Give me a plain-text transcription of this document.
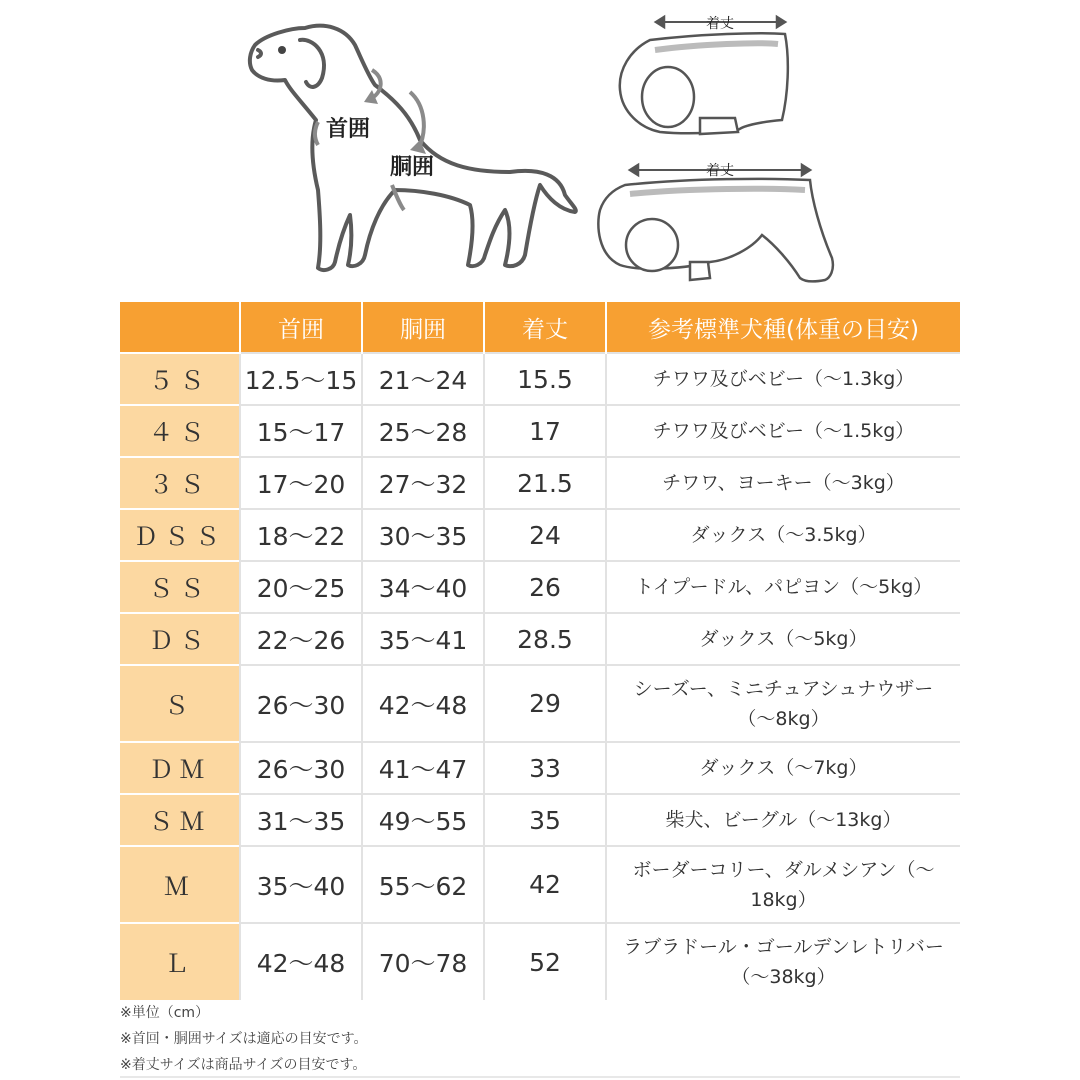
首囲
胴囲
着丈
着丈
	首囲	胴囲	着丈	参考標準犬種(体重の目安)
５Ｓ	12.5～15	21～24	15.5	チワワ及びベビー（～1.3kg）

４Ｓ	15～17	25～28	17	チワワ及びベビー（～1.5kg）

３Ｓ	17～20	27～32	21.5	チワワ、ヨーキー（～3kg）

ＤＳＳ	18～22	30～35	24	ダックス（～3.5kg）

ＳＳ	20～25	34～40	26	トイプードル、パピヨン（～5kg）

ＤＳ	22～26	35～41	28.5	ダックス（～5kg）

Ｓ	26～30	42～48	29	シーズー、ミニチュアシュナウザー
（～8kg）

ＤＭ	26～30	41～47	33	ダックス（～7kg）

ＳＭ	31～35	49～55	35	柴犬、ビーグル（～13kg）

Ｍ	35～40	55～62	42	ボーダーコリー、ダルメシアン（～
18kg）

Ｌ	42～48	70～78	52	ラブラドール・ゴールデンレトリバー
（～38kg）
※単位（cm）
※首回・胴囲サイズは適応の目安です。
※着丈サイズは商品サイズの目安です。
